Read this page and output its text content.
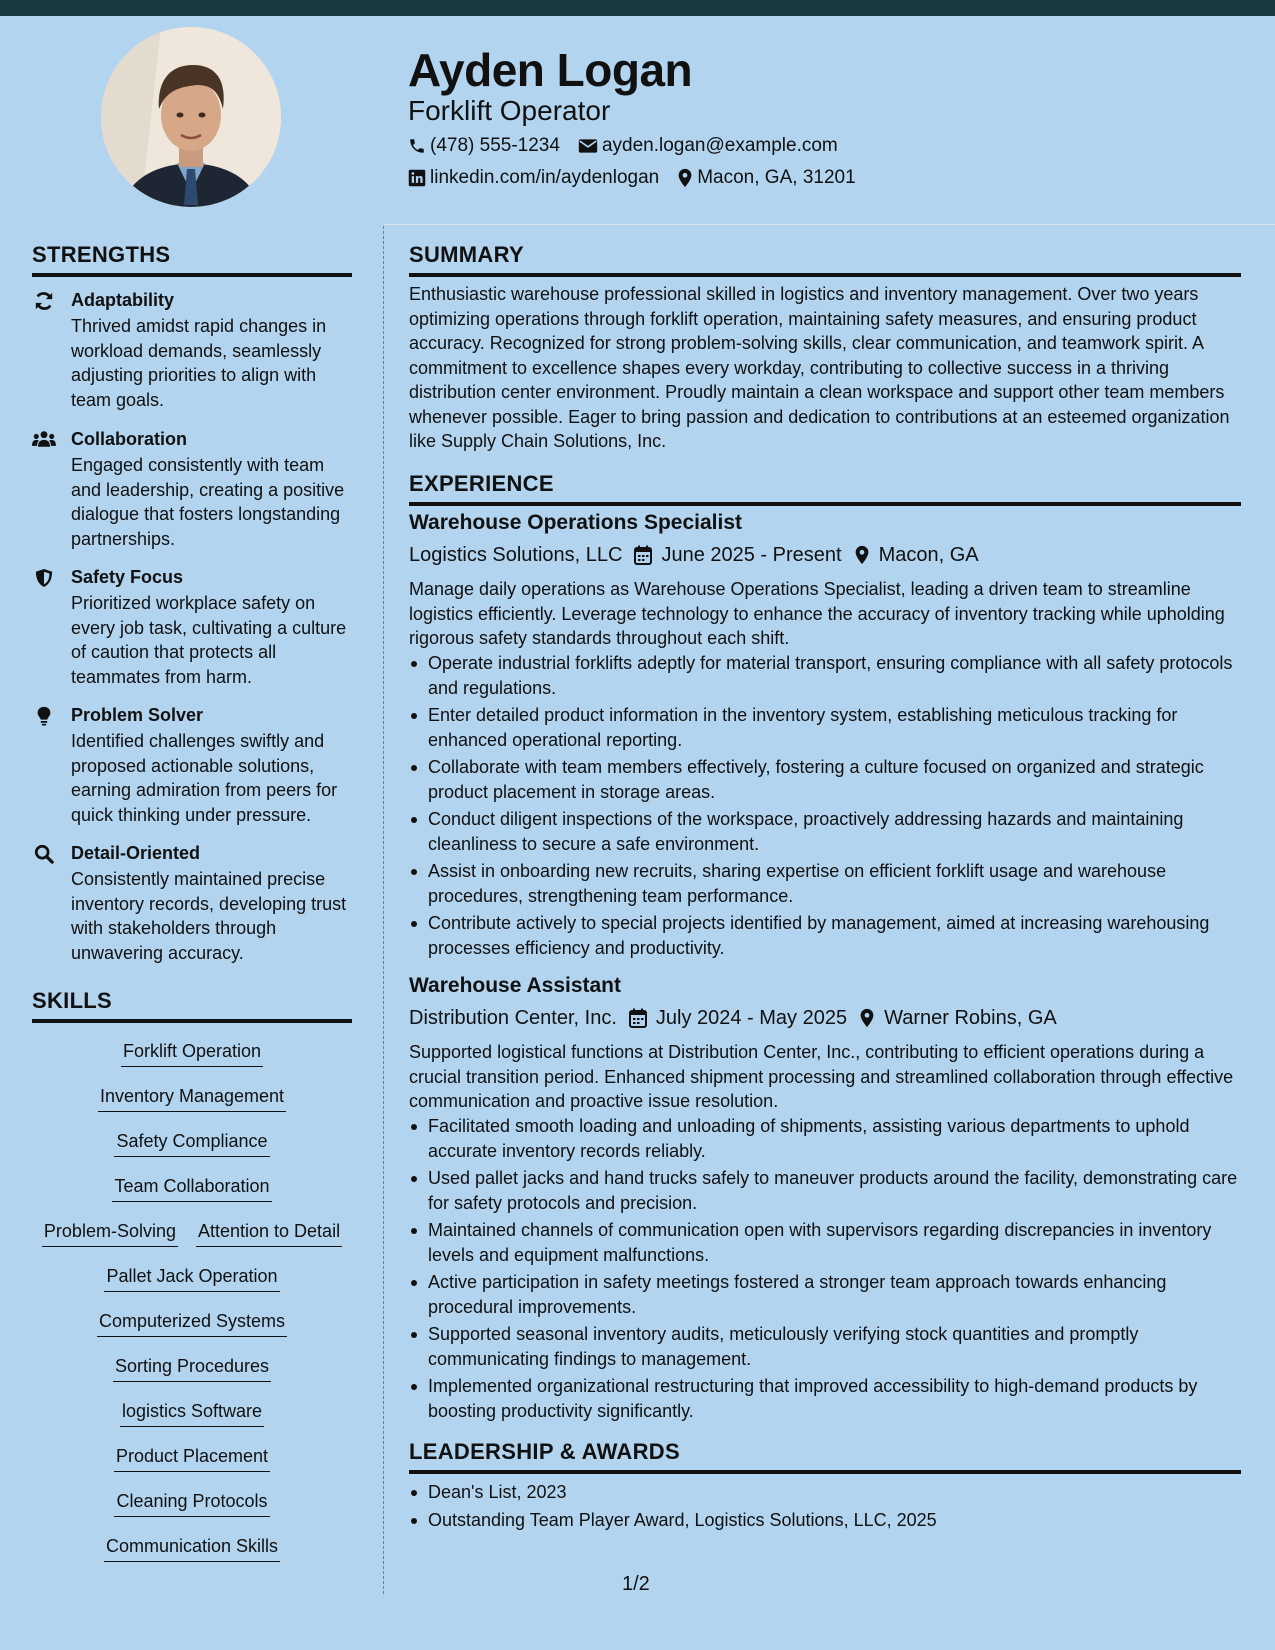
Ayden Logan
Forklift Operator
(478) 555-1234 ayden.logan@example.com
linkedin.com/in/aydenlogan Macon, GA, 31201
STRENGTHS
Adaptability
Thrived amidst rapid changes in workload demands, seamlessly adjusting priorities to align with team goals.
Collaboration
Engaged consistently with team and leadership, creating a positive dialogue that fosters longstanding partnerships.
Safety Focus
Prioritized workplace safety on every job task, cultivating a culture of caution that protects all teammates from harm.
Problem Solver
Identified challenges swiftly and proposed actionable solutions, earning admiration from peers for quick thinking under pressure.
Detail-Oriented
Consistently maintained precise inventory records, developing trust with stakeholders through unwavering accuracy.
SKILLS
Forklift Operation
Inventory Management
Safety Compliance
Team Collaboration
Problem-Solving Attention to Detail
Pallet Jack Operation
Computerized Systems
Sorting Procedures
logistics Software
Product Placement
Cleaning Protocols
Communication Skills
SUMMARY
Enthusiastic warehouse professional skilled in logistics and inventory management. Over two years optimizing operations through forklift operation, maintaining safety measures, and ensuring product accuracy. Recognized for strong problem-solving skills, clear communication, and teamwork spirit. A commitment to excellence shapes every workday, contributing to collective success in a thriving distribution center environment. Proudly maintain a clean workspace and support other team members whenever possible. Eager to bring passion and dedication to contributions at an esteemed organization like Supply Chain Solutions, Inc.
EXPERIENCE
Warehouse Operations Specialist
Logistics Solutions, LLC June 2025 - Present Macon, GA
Manage daily operations as Warehouse Operations Specialist, leading a driven team to streamline logistics efficiently. Leverage technology to enhance the accuracy of inventory tracking while upholding rigorous safety standards throughout each shift.
Operate industrial forklifts adeptly for material transport, ensuring compliance with all safety protocols and regulations.
Enter detailed product information in the inventory system, establishing meticulous tracking for enhanced operational reporting.
Collaborate with team members effectively, fostering a culture focused on organized and strategic product placement in storage areas.
Conduct diligent inspections of the workspace, proactively addressing hazards and maintaining cleanliness to secure a safe environment.
Assist in onboarding new recruits, sharing expertise on efficient forklift usage and warehouse procedures, strengthening team performance.
Contribute actively to special projects identified by management, aimed at increasing warehousing processes efficiency and productivity.
Warehouse Assistant
Distribution Center, Inc. July 2024 - May 2025 Warner Robins, GA
Supported logistical functions at Distribution Center, Inc., contributing to efficient operations during a crucial transition period. Enhanced shipment processing and streamlined collaboration through effective communication and proactive issue resolution.
Facilitated smooth loading and unloading of shipments, assisting various departments to uphold accurate inventory records reliably.
Used pallet jacks and hand trucks safely to maneuver products around the facility, demonstrating care for safety protocols and precision.
Maintained channels of communication open with supervisors regarding discrepancies in inventory levels and equipment malfunctions.
Active participation in safety meetings fostered a stronger team approach towards enhancing procedural improvements.
Supported seasonal inventory audits, meticulously verifying stock quantities and promptly communicating findings to management.
Implemented organizational restructuring that improved accessibility to high-demand products by boosting productivity significantly.
LEADERSHIP & AWARDS
Dean's List, 2023
Outstanding Team Player Award, Logistics Solutions, LLC, 2025
1/2
